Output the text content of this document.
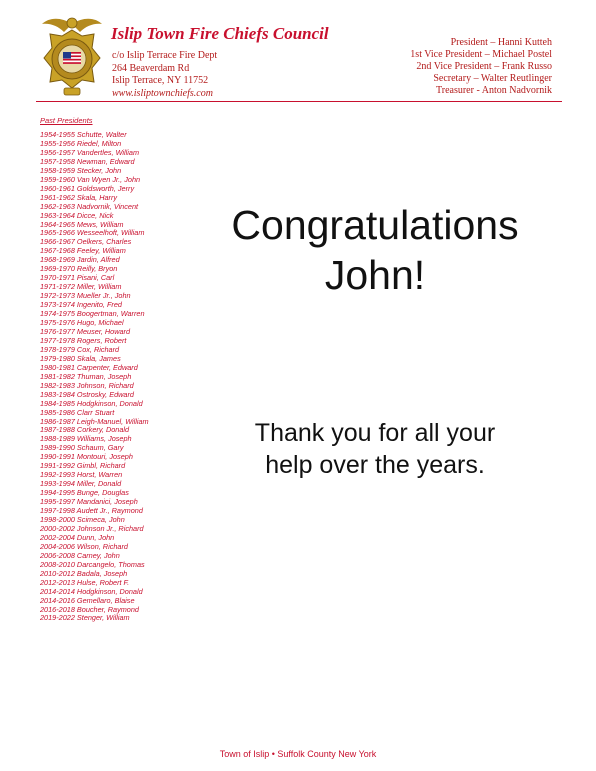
Islip Town Fire Chiefs Council
c/o Islip Terrace Fire Dept
264 Beaverdam Rd
Islip Terrace, NY 11752
www.isliptownchiefs.com
President – Hanni Kutteh
1st Vice President – Michael Postel
2nd Vice President – Frank Russo
Secretary – Walter Reutlinger
Treasurer - Anton Nadvornik
Past Presidents
1954-1955 Schutte, Walter
1955-1956 Riedel, Milton
1956-1957 Vandertles, William
1957-1958 Newman, Edward
1958-1959 Stecker, John
1959-1960 Van Wyen Jr., John
1960-1961 Goldsworth, Jerry
1961-1962 Skala, Harry
1962-1963 Nadvornik, Vincent
1963-1964 Dicce, Nick
1964-1965 Mews, William
1965-1966 Wesseelhoft, William
1966-1967 Oelkers, Charles
1967-1968 Feeley, William
1968-1969 Jardin, Alfred
1969-1970 Reilly, Bryon
1970-1971 Pisani, Carl
1971-1972 Miller, William
1972-1973 Mueller Jr., John
1973-1974 Ingenito, Fred
1974-1975 Boogertman, Warren
1975-1976 Hugo, Michael
1976-1977 Meuser, Howard
1977-1978 Rogers, Robert
1978-1979 Cox, Richard
1979-1980 Skala, James
1980-1981 Carpenter, Edward
1981-1982 Thuman, Joseph
1982-1983 Johnson, Richard
1983-1984 Ostrosky, Edward
1984-1985 Hodgkinson, Donald
1985-1986 Clarr Stuart
1986-1987 Leigh-Manuel, William
1987-1988 Corkery, Donald
1988-1989 Williams, Joseph
1989-1990 Schaum, Gary
1990-1991 Montouri, Joseph
1991-1992 Gimbl, Richard
1992-1993 Horst, Warren
1993-1994 Miller, Donald
1994-1995 Bunge, Douglas
1995-1997 Mandanici, Joseph
1997-1998 Audett Jr., Raymond
1998-2000 Scimeca, John
2000-2002 Johnson Jr., Richard
2002-2004 Dunn, John
2004-2006 Wilson, Richard
2006-2008 Carney, John
2008-2010 Darcangelo, Thomas
2010-2012 Badala, Joseph
2012-2013 Hulse, Robert F.
2014-2014 Hodgkinson, Donald
2014-2016 Gemellaro, Blaise
2016-2018 Boucher, Raymond
2019-2022 Stenger, William
Congratulations
John!
Thank you for all your
help over the years.
Town of Islip • Suffolk County New York
